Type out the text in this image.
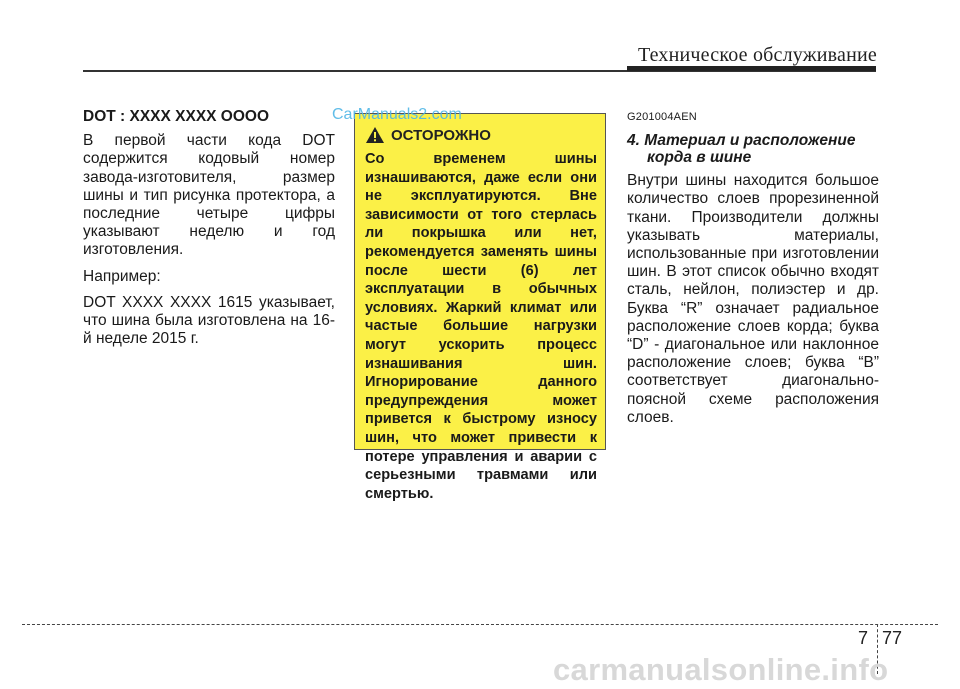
Техническое обслуживание

DOT : XXXX XXXX OOOO

В первой части кода DOT содержится кодовый номер завода-изготовителя, размер шины и тип рисунка протектора, а последние четыре цифры указывают неделю и год изготовления.

Например:

DOT XXXX XXXX 1615 указывает, что шина была изготовлена на 16-й неделе 2015 г.

ОСТОРОЖНО
Со временем шины изнашиваются, даже если они не эксплуатируются. Вне зависимости от того стерлась ли покрышка или нет, рекомендуется заменять шины после шести (6) лет эксплуатации в обычных условиях. Жаркий климат или частые большие нагрузки могут ускорить процесс изнашивания шин. Игнорирование данного предупреждения может привется к быстрому износу шин, что может привести к потере управления и аварии с серьезными травмами или смертью.
CarManuals2.com	G201004AEN

4. Материал и расположение
корда в шине

Внутри шины находится большое количество слоев прорезиненной ткани. Производители должны указывать материалы, использованные при изготовлении шин. В этот список обычно входят сталь, нейлон, полиэстер и др. Буква “R” означает радиальное расположение слоев корда; буква “D” - диагональное или наклонное расположение слоев; буква “B” соответствует диагонально-поясной схеме расположения слоев.

7 77
carmanualsonline.info
